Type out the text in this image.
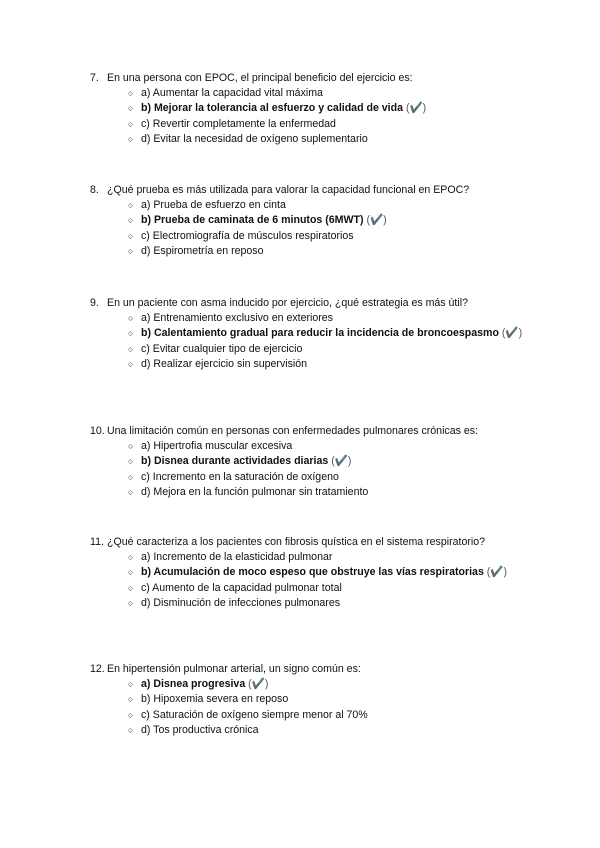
7. En una persona con EPOC, el principal beneficio del ejercicio es:
○ a) Aumentar la capacidad vital máxima
○ b) Mejorar la tolerancia al esfuerzo y calidad de vida (✔️)
○ c) Revertir completamente la enfermedad
○ d) Evitar la necesidad de oxígeno suplementario
8. ¿Qué prueba es más utilizada para valorar la capacidad funcional en EPOC?
○ a) Prueba de esfuerzo en cinta
○ b) Prueba de caminata de 6 minutos (6MWT) (✔️)
○ c) Electromiografía de músculos respiratorios
○ d) Espirometría en reposo
9. En un paciente con asma inducido por ejercicio, ¿qué estrategia es más útil?
○ a) Entrenamiento exclusivo en exteriores
○ b) Calentamiento gradual para reducir la incidencia de broncoespasmo (✔️)
○ c) Evitar cualquier tipo de ejercicio
○ d) Realizar ejercicio sin supervisión
10. Una limitación común en personas con enfermedades pulmonares crónicas es:
○ a) Hipertrofia muscular excesiva
○ b) Disnea durante actividades diarias (✔️)
○ c) Incremento en la saturación de oxígeno
○ d) Mejora en la función pulmonar sin tratamiento
11. ¿Qué caracteriza a los pacientes con fibrosis quística en el sistema respiratorio?
○ a) Incremento de la elasticidad pulmonar
○ b) Acumulación de moco espeso que obstruye las vías respiratorias (✔️)
○ c) Aumento de la capacidad pulmonar total
○ d) Disminución de infecciones pulmonares
12. En hipertensión pulmonar arterial, un signo común es:
○ a) Disnea progresiva (✔️)
○ b) Hipoxemia severa en reposo
○ c) Saturación de oxígeno siempre menor al 70%
○ d) Tos productiva crónica
